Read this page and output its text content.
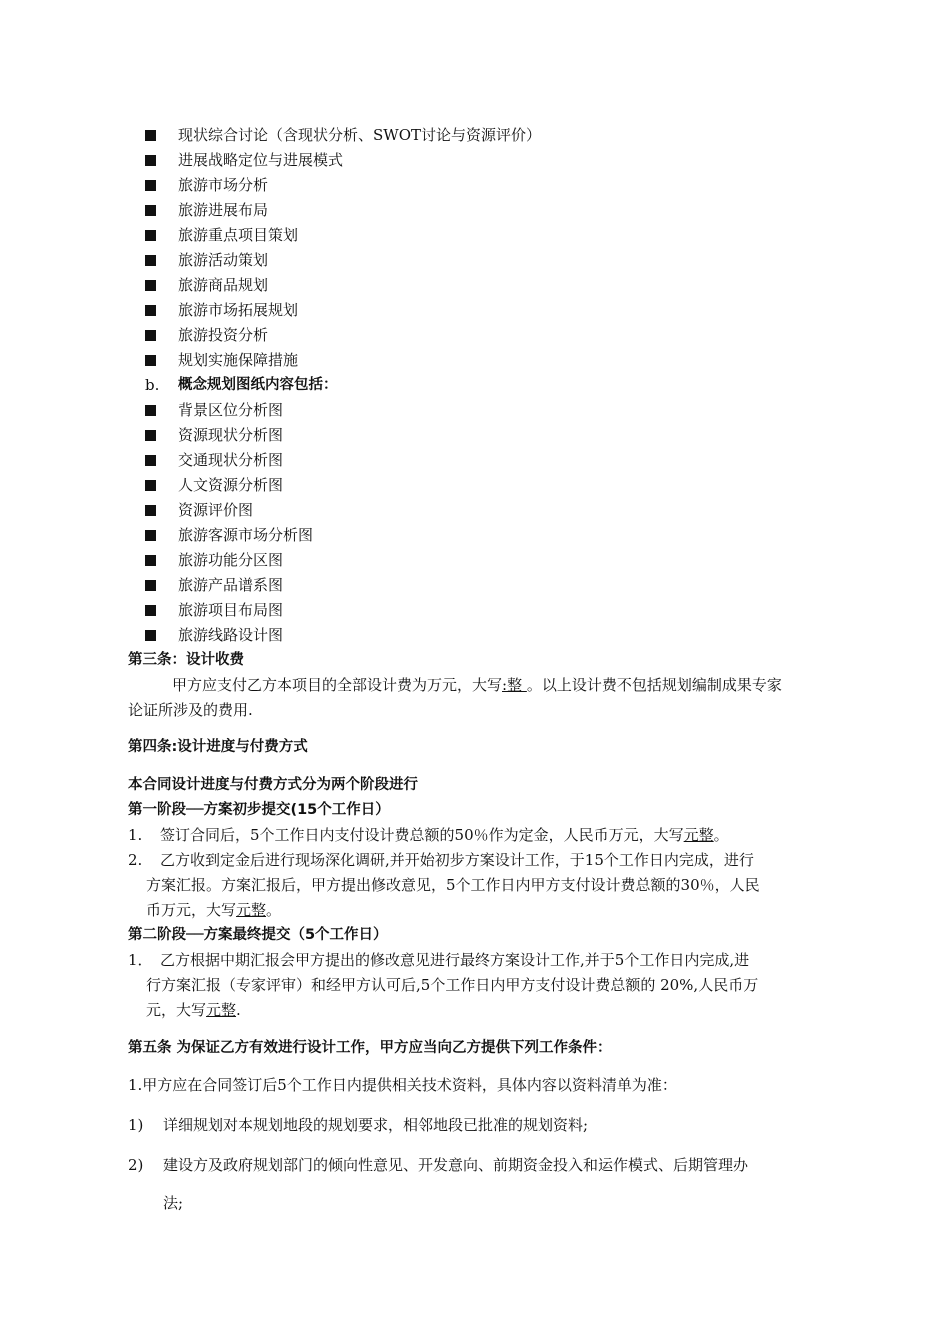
现状综合讨论（含现状分析、SWOT讨论与资源评价）
进展战略定位与进展模式
旅游市场分析
旅游进展布局
旅游重点项目策划
旅游活动策划
旅游商品规划
旅游市场拓展规划
旅游投资分析
规划实施保障措施
b. 概念规划图纸内容包括：
背景区位分析图
资源现状分析图
交通现状分析图
人文资源分析图
资源评价图
旅游客源市场分析图
旅游功能分区图
旅游产品谱系图
旅游项目布局图
旅游线路设计图
第三条：设计收费
甲方应支付乙方本项目的全部设计费为万元，大写:整 。以上设计费不包括规划编制成果专家
论证所涉及的费用.
第四条:设计进度与付费方式
本合同设计进度与付费方式分为两个阶段进行
第一阶段──方案初步提交(15个工作日）
1. 签订合同后，5个工作日内支付设计费总额的50％作为定金，人民币万元，大写元整。
2. 乙方收到定金后进行现场深化调研,并开始初步方案设计工作，于15个工作日内完成，进行
方案汇报。方案汇报后，甲方提出修改意见，5个工作日内甲方支付设计费总额的30％，人民
币万元，大写元整。
第二阶段──方案最终提交（5个工作日）
1． 乙方根据中期汇报会甲方提出的修改意见进行最终方案设计工作,并于5个工作日内完成,进
行方案汇报（专家评审）和经甲方认可后,5个工作日内甲方支付设计费总额的 20%,人民币万
元，大写元整.
第五条 为保证乙方有效进行设计工作，甲方应当向乙方提供下列工作条件：
1.甲方应在合同签订后5个工作日内提供相关技术资料，具体内容以资料清单为准：
1) 详细规划对本规划地段的规划要求，相邻地段已批准的规划资料;
2) 建设方及政府规划部门的倾向性意见、开发意向、前期资金投入和运作模式、后期管理办
法;
